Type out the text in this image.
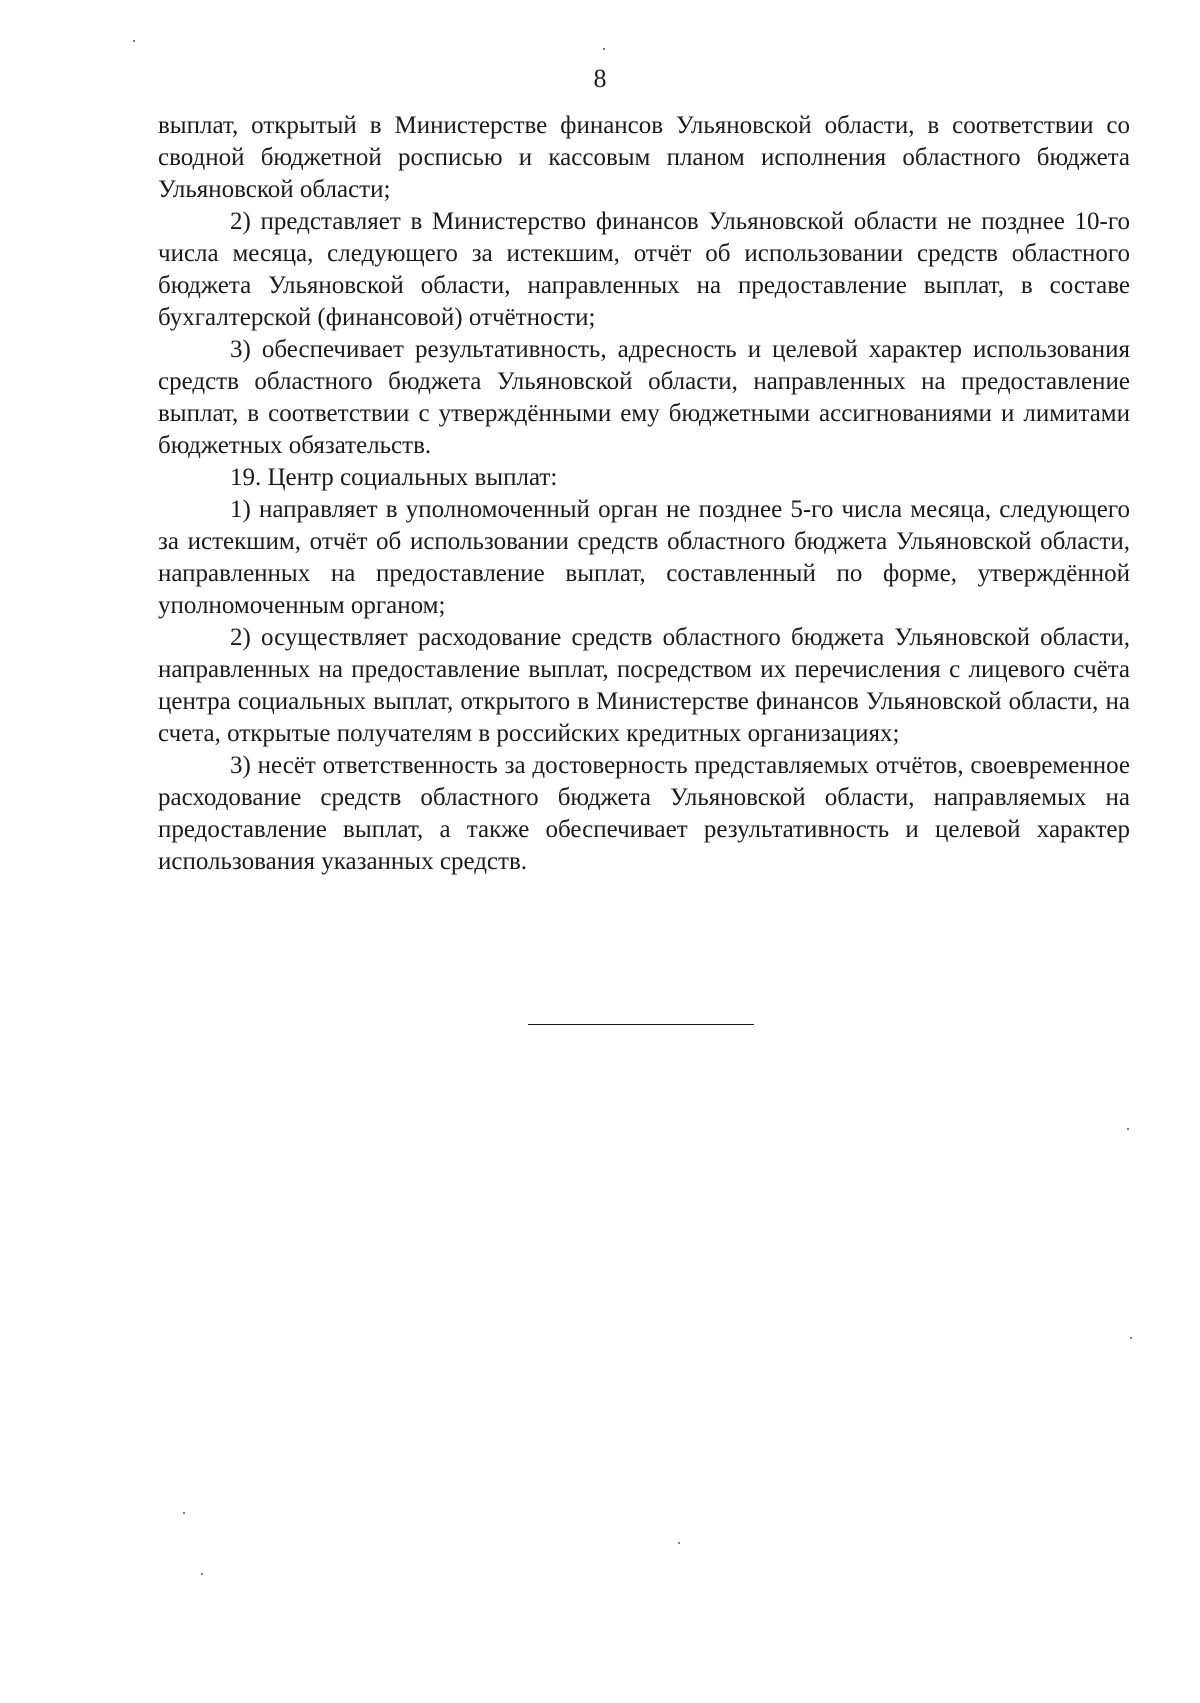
8

выплат, открытый в Министерстве финансов Ульяновской области, в соответствии со сводной бюджетной росписью и кассовым планом исполнения областного бюджета Ульяновской области;

2) представляет в Министерство финансов Ульяновской области не позднее 10-го числа месяца, следующего за истекшим, отчёт об использовании средств областного бюджета Ульяновской области, направленных на предоставление выплат, в составе бухгалтерской (финансовой) отчётности;

3) обеспечивает результативность, адресность и целевой характер использования средств областного бюджета Ульяновской области, направленных на предоставление выплат, в соответствии с утверждёнными ему бюджетными ассигнованиями и лимитами бюджетных обязательств.

19. Центр социальных выплат:

1) направляет в уполномоченный орган не позднее 5-го числа месяца, следующего за истекшим, отчёт об использовании средств областного бюджета Ульяновской области, направленных на предоставление выплат, составленный по форме, утверждённой уполномоченным органом;

2) осуществляет расходование средств областного бюджета Ульяновской области, направленных на предоставление выплат, посредством их перечисления с лицевого счёта центра социальных выплат, открытого в Министерстве финансов Ульяновской области, на счета, открытые получателям в российских кредитных организациях;

3) несёт ответственность за достоверность представляемых отчётов, своевременное расходование средств областного бюджета Ульяновской области, направляемых на предоставление выплат, а также обеспечивает результативность и целевой характер использования указанных средств.
